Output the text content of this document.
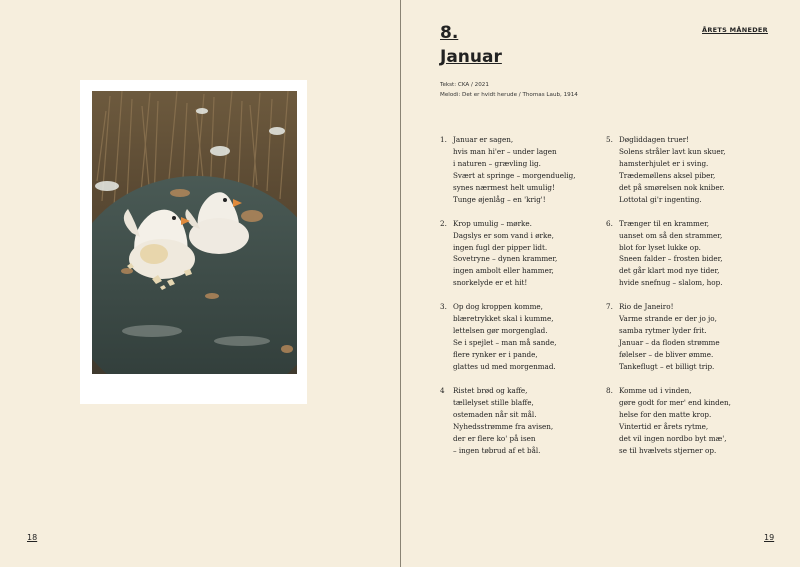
18
ÅRETS MÅNEDER
8.
Januar
Tekst: CKA / 2021
Melodi: Det er hvidt herude / Thomas Laub, 1914
1. Januar er sagen,
hvis man hi'er – under lagen
i naturen – grævling lig.
Svært at springe – morgenduelig,
synes nærmest helt umulig!
Tunge øjenlåg – en 'krig'!
2. Krop umulig – mørke.
Dagslys er som vand i ørke,
ingen fugl der pipper lidt.
Sovetryne – dynen krammer,
ingen ambolt eller hammer,
snorkelyde er et hit!
3. Op dog kroppen komme,
blæretrykket skal i kumme,
lettelsen gør morgenglad.
Se i spejlet – man må sande,
flere rynker er i pande,
glattes ud med morgenmad.
4	Ristet brød og kaffe,
tællelyset stille blaffe,
ostemaden når sit mål.
Nyhedsstrømme fra avisen,
der er flere ko' på isen
– ingen tøbrud af et bål.
5. Døgliddagen truer!
Solens stråler lavt kun skuer,
hamsterhjulet er i sving.
Trædemøllens aksel piber,
det på smørelsen nok kniber.
Lottotal gi'r ingenting.
6. Trænger til en krammer,
uanset om så den strammer,
blot for lyset lukke op.
Sneen falder – frosten bider,
det går klart mod nye tider,
hvide snefnug – slalom, hop.
7. Rio de Janeiro!
Varme strande er der jo jo,
samba rytmer lyder frit.
Januar – da floden strømme
følelser – de bliver ømme.
Tankeflugt – et billigt trip.
8. Komme ud i vinden,
gøre godt for mer' end kinden,
helse for den matte krop.
Vintertid er årets rytme,
det vil ingen nordbo byt mæ',
se til hvælvets stjerner op.
19
